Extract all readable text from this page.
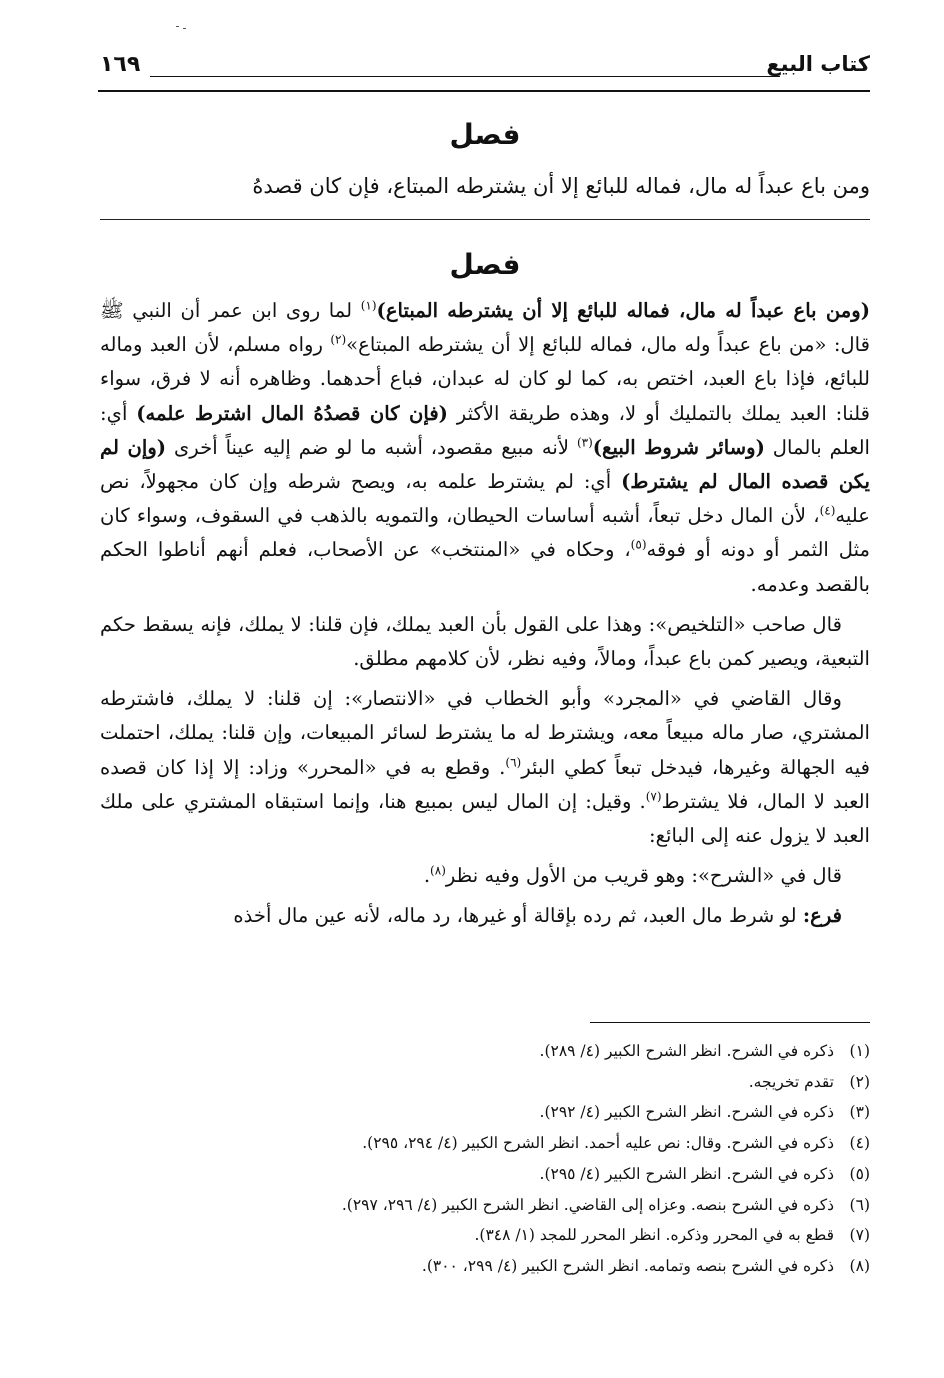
كتاب البيع
١٦٩
فصل
ومن باع عبداً له مال، فماله للبائع إلا أن يشترطه المبتاع، فإن كان قصدهُ
فصل

(ومن باع عبداً له مال، فماله للبائع إلا أن يشترطه المبتاع)$^{(١)}$ لما روى ابن عمر أن النبي ﷺ قال: «من باع عبداً وله مال، فماله للبائع إلا أن يشترطه المبتاع»$^{(٢)}$ رواه مسلم، لأن العبد وماله للبائع، فإذا باع العبد، اختص به، كما لو كان له عبدان، فباع أحدهما. وظاهره أنه لا فرق، سواء قلنا: العبد يملك بالتمليك أو لا، وهذه طريقة الأكثر (فإن كان قصدُهُ المال اشترط علمه) أي: العلم بالمال (وسائر شروط البيع)$^{(٣)}$ لأنه مبيع مقصود، أشبه ما لو ضم إليه عيناً أخرى (وإن لم يكن قصده المال لم يشترط) أي: لم يشترط علمه به، ويصح شرطه وإن كان مجهولاً، نص عليه$^{(٤)}$، لأن المال دخل تبعاً، أشبه أساسات الحيطان، والتمويه بالذهب في السقوف، وسواء كان مثل الثمر أو دونه أو فوقه$^{(٥)}$، وحكاه في «المنتخب» عن الأصحاب، فعلم أنهم أناطوا الحكم بالقصد وعدمه.

قال صاحب «التلخيص»: وهذا على القول بأن العبد يملك، فإن قلنا: لا يملك، فإنه يسقط حكم التبعية، ويصير كمن باع عبداً، ومالاً، وفيه نظر، لأن كلامهم مطلق.

وقال القاضي في «المجرد» وأبو الخطاب في «الانتصار»: إن قلنا: لا يملك، فاشترطه المشتري، صار ماله مبيعاً معه، ويشترط له ما يشترط لسائر المبيعات، وإن قلنا: يملك، احتملت فيه الجهالة وغيرها، فيدخل تبعاً كطي البئر$^{(٦)}$. وقطع به في «المحرر» وزاد: إلا إذا كان قصده العبد لا المال، فلا يشترط$^{(٧)}$. وقيل: إن المال ليس بمبيع هنا، وإنما استبقاه المشتري على ملك العبد لا يزول عنه إلى البائع:

قال في «الشرح»: وهو قريب من الأول وفيه نظر$^{(٨)}$.

فرع: لو شرط مال العبد، ثم رده بإقالة أو غيرها، رد ماله، لأنه عين مال أخذه

(١)ذكره في الشرح. انظر الشرح الكبير (٤/ ٢٨٩).
(٢)تقدم تخريجه.
(٣)ذكره في الشرح. انظر الشرح الكبير (٤/ ٢٩٢).
(٤)ذكره في الشرح. وقال: نص عليه أحمد. انظر الشرح الكبير (٤/ ٢٩٤، ٢٩٥).
(٥)ذكره في الشرح. انظر الشرح الكبير (٤/ ٢٩٥).
(٦)ذكره في الشرح بنصه. وعزاه إلى القاضي. انظر الشرح الكبير (٤/ ٢٩٦، ٢٩٧).
(٧)قطع به في المحرر وذكره. انظر المحرر للمجد (١/ ٣٤٨).
(٨)ذكره في الشرح بنصه وتمامه. انظر الشرح الكبير (٤/ ٢٩٩، ٣٠٠).
